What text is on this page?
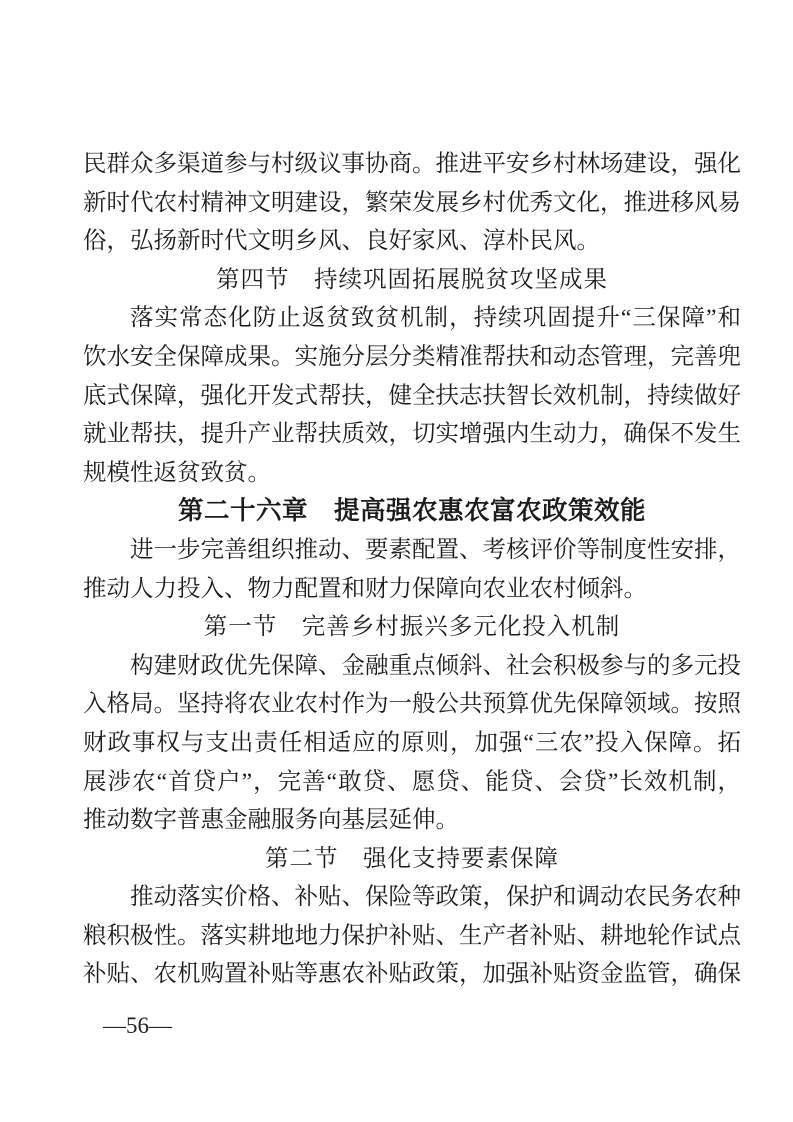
民群众多渠道参与村级议事协商。推进平安乡村林场建设，强化
新时代农村精神文明建设，繁荣发展乡村优秀文化，推进移风易
俗，弘扬新时代文明乡风、良好家风、淳朴民风。
第四节　持续巩固拓展脱贫攻坚成果
落实常态化防止返贫致贫机制，持续巩固提升“三保障”和
饮水安全保障成果。实施分层分类精准帮扶和动态管理，完善兜
底式保障，强化开发式帮扶，健全扶志扶智长效机制，持续做好
就业帮扶，提升产业帮扶质效，切实增强内生动力，确保不发生
规模性返贫致贫。
第二十六章　提高强农惠农富农政策效能
进一步完善组织推动、要素配置、考核评价等制度性安排，
推动人力投入、物力配置和财力保障向农业农村倾斜。
第一节　完善乡村振兴多元化投入机制
构建财政优先保障、金融重点倾斜、社会积极参与的多元投
入格局。坚持将农业农村作为一般公共预算优先保障领域。按照
财政事权与支出责任相适应的原则，加强“三农”投入保障。拓
展涉农“首贷户”，完善“敢贷、愿贷、能贷、会贷”长效机制，
推动数字普惠金融服务向基层延伸。
第二节　强化支持要素保障
推动落实价格、补贴、保险等政策，保护和调动农民务农种
粮积极性。落实耕地地力保护补贴、生产者补贴、耕地轮作试点
补贴、农机购置补贴等惠农补贴政策，加强补贴资金监管，确保
—56—
